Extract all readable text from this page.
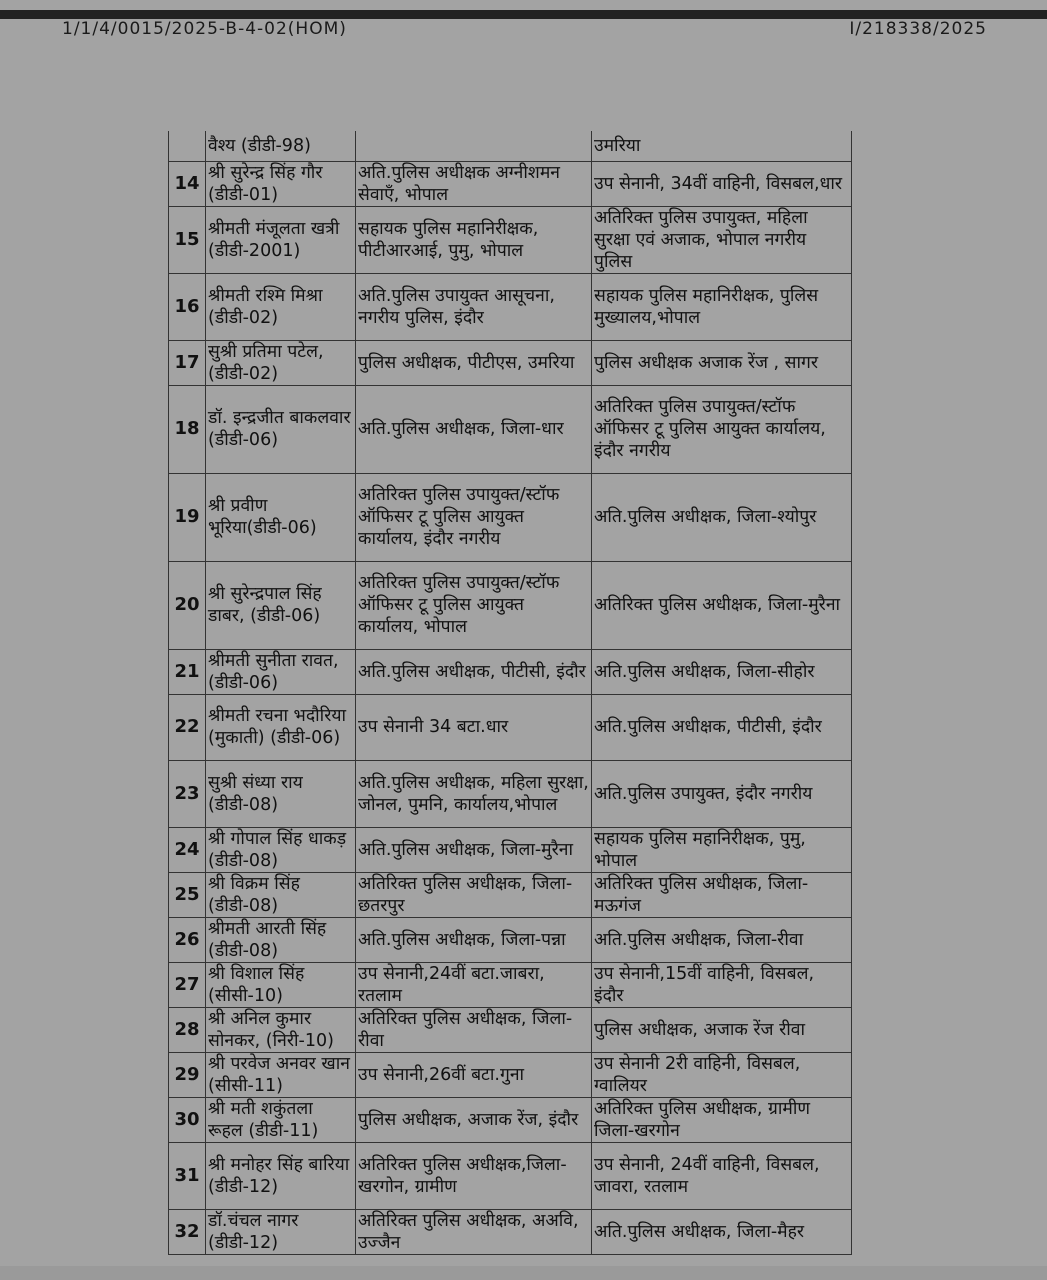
1/1/4/0015/2025-B-4-02(HOM)	I/218338/2025
	वैश्य (डीडी-98)		उमरिया
14	श्री सुरेन्द्र सिंह गौर (डीडी-01)	अति.पुलिस अधीक्षक अग्नीशमन सेवाएँ, भोपाल	उप सेनानी, 34वीं वाहिनी, विसबल,धार
15	श्रीमती मंजूलता खत्री (डीडी-2001)	सहायक पुलिस महानिरीक्षक, पीटीआरआई, पुमु, भोपाल	अतिरिक्त पुलिस उपायुक्त, महिला सुरक्षा एवं अजाक, भोपाल नगरीय पुलिस
16	श्रीमती रश्मि मिश्रा (डीडी-02)	अति.पुलिस उपायुक्त आसूचना, नगरीय पुलिस, इंदौर	सहायक पुलिस महानिरीक्षक, पुलिस मुख्यालय,भोपाल
17	सुश्री प्रतिमा पटेल, (डीडी-02)	पुलिस अधीक्षक, पीटीएस, उमरिया	पुलिस अधीक्षक अजाक रेंज , सागर
18	डॉ. इन्द्रजीत बाकलवार (डीडी-06)	अति.पुलिस अधीक्षक, जिला-धार	अतिरिक्त पुलिस उपायुक्त/स्टॉफ ऑफिसर टू पुलिस आयुक्त कार्यालय, इंदौर नगरीय
19	श्री प्रवीण भूरिया(डीडी-06)	अतिरिक्त पुलिस उपायुक्त/स्टॉफ ऑफिसर टू पुलिस आयुक्त कार्यालय, इंदौर नगरीय	अति.पुलिस अधीक्षक, जिला-श्योपुर
20	श्री सुरेन्द्रपाल सिंह डाबर, (डीडी-06)	अतिरिक्त पुलिस उपायुक्त/स्टॉफ ऑफिसर टू पुलिस आयुक्त कार्यालय, भोपाल	अतिरिक्त पुलिस अधीक्षक, जिला-मुरैना
21	श्रीमती सुनीता रावत, (डीडी-06)	अति.पुलिस अधीक्षक, पीटीसी, इंदौर	अति.पुलिस अधीक्षक, जिला-सीहोर
22	श्रीमती रचना भदौरिया (मुकाती) (डीडी-06)	उप सेनानी 34 बटा.धार	अति.पुलिस अधीक्षक, पीटीसी, इंदौर
23	सुश्री संध्या राय (डीडी-08)	अति.पुलिस अधीक्षक, महिला सुरक्षा, जोनल, पुमनि, कार्यालय,भोपाल	अति.पुलिस उपायुक्त, इंदौर नगरीय
24	श्री गोपाल सिंह धाकड़ (डीडी-08)	अति.पुलिस अधीक्षक, जिला-मुरैना	सहायक पुलिस महानिरीक्षक, पुमु, भोपाल
25	श्री विक्रम सिंह (डीडी-08)	अतिरिक्त पुलिस अधीक्षक, जिला-छतरपुर	अतिरिक्त पुलिस अधीक्षक, जिला-मऊगंज
26	श्रीमती आरती सिंह (डीडी-08)	अति.पुलिस अधीक्षक, जिला-पन्ना	अति.पुलिस अधीक्षक, जिला-रीवा
27	श्री विशाल सिंह (सीसी-10)	उप सेनानी,24वीं बटा.जाबरा, रतलाम	उप सेनानी,15वीं वाहिनी, विसबल, इंदौर
28	श्री अनिल कुमार सोनकर, (निरी-10)	अतिरिक्त पुलिस अधीक्षक, जिला-रीवा	पुलिस अधीक्षक, अजाक रेंज रीवा
29	श्री परवेज अनवर खान (सीसी-11)	उप सेनानी,26वीं बटा.गुना	उप सेनानी 2री वाहिनी, विसबल, ग्वालियर
30	श्री मती शकुंतला रूहल (डीडी-11)	पुलिस अधीक्षक, अजाक रेंज, इंदौर	अतिरिक्त पुलिस अधीक्षक, ग्रामीण जिला-खरगोन
31	श्री मनोहर सिंह बारिया (डीडी-12)	अतिरिक्त पुलिस अधीक्षक,जिला-खरगोन, ग्रामीण	उप सेनानी, 24वीं वाहिनी, विसबल, जावरा, रतलाम
32	डॉ.चंचल नागर (डीडी-12)	अतिरिक्त पुलिस अधीक्षक, अअवि, उज्जैन	अति.पुलिस अधीक्षक, जिला-मैहर
